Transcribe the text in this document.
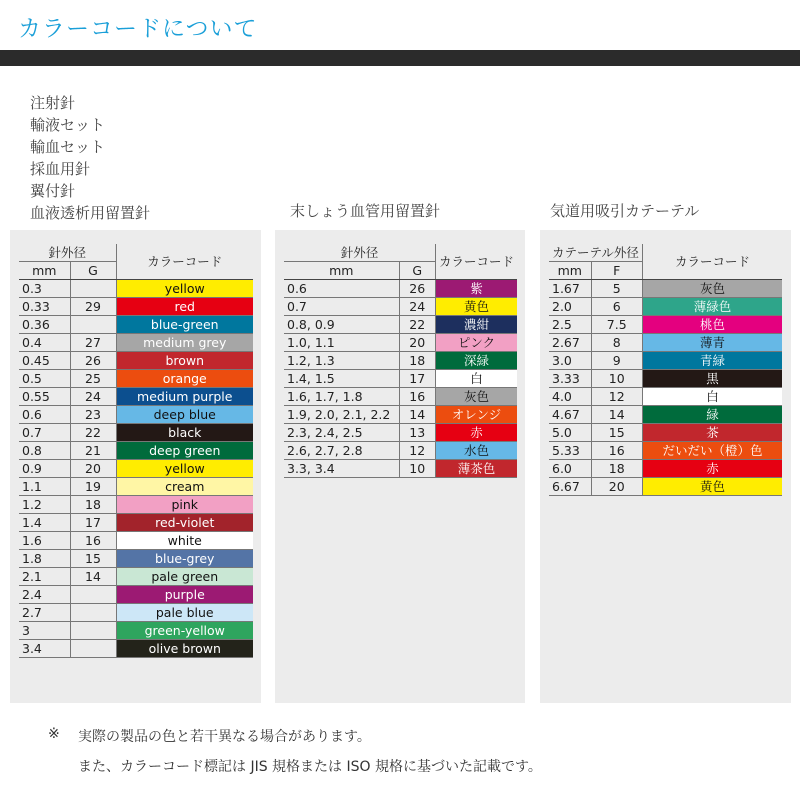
カラーコードについて
注射針
輸液セット
輸血セット
採血用針
翼付針
血液透析用留置針	末しょう血管用留置針	気道用吸引カテーテル
針外径		カラーコード
mm	G	
0.3		yellow
0.33	29	red
0.36		blue-green
0.4	27	medium grey
0.45	26	brown
0.5	25	orange
0.55	24	medium purple
0.6	23	deep blue
0.7	22	black
0.8	21	deep green
0.9	20	yellow
1.1	19	cream
1.2	18	pink
1.4	17	red-violet
1.6	16	white
1.8	15	blue-grey
2.1	14	pale green
2.4		purple
2.7		pale blue
3		green-yellow
3.4		olive brown
針外径		カラーコード
mm	G	
0.6	26	紫
0.7	24	黄色
0.8, 0.9	22	濃紺
1.0, 1.1	20	ピンク
1.2, 1.3	18	深緑
1.4, 1.5	17	白
1.6, 1.7, 1.8	16	灰色
1.9, 2.0, 2.1, 2.2	14	オレンジ
2.3, 2.4, 2.5	13	赤
2.6, 2.7, 2.8	12	水色
3.3, 3.4	10	薄茶色
カテーテル外径		カラーコード
mm	F	
1.67	5	灰色
2.0	6	薄緑色
2.5	7.5	桃色
2.67	8	薄青
3.0	9	青緑
3.33	10	黒
4.0	12	白
4.67	14	緑
5.0	15	茶
5.33	16	だいだい（橙）色
6.0	18	赤
6.67	20	黄色
※ 実際の製品の色と若干異なる場合があります。
また、カラーコード標記は JIS 規格または ISO 規格に基づいた記載です。
